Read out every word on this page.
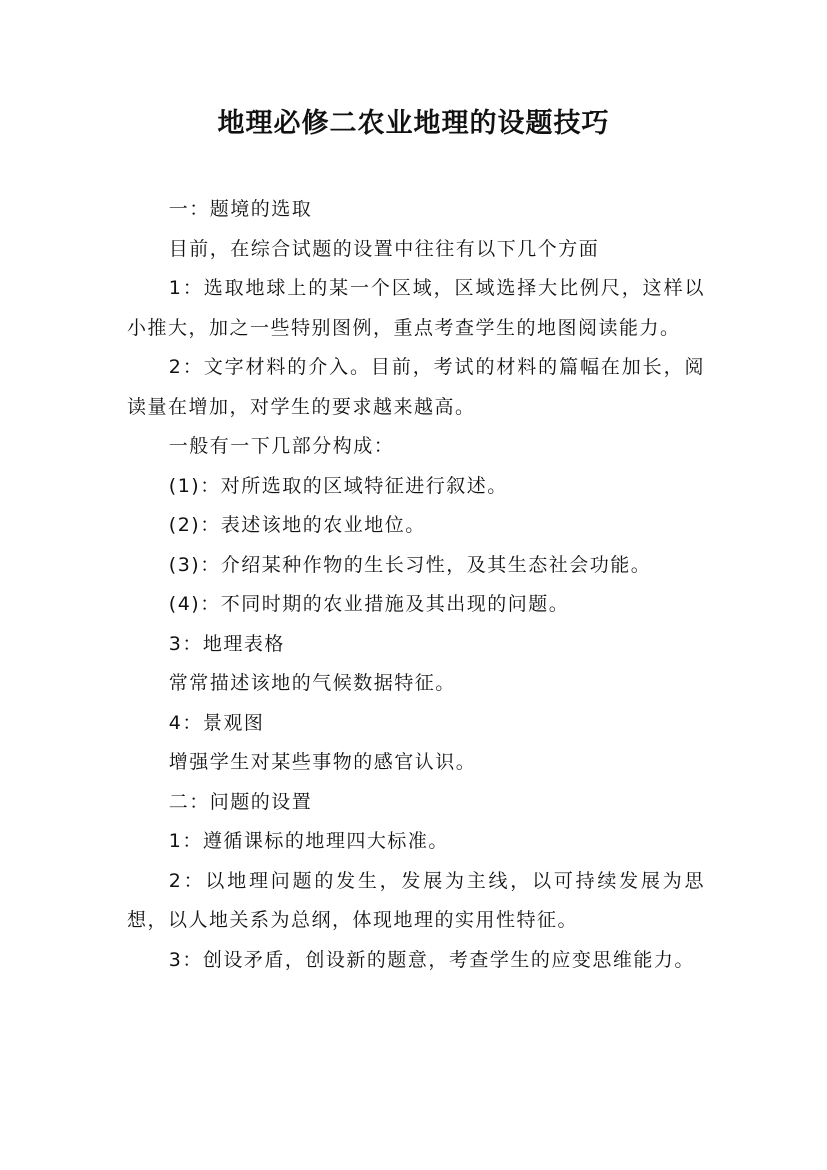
地理必修二农业地理的设题技巧

一：题境的选取

目前，在综合试题的设置中往往有以下几个方面

1：选取地球上的某一个区域，区域选择大比例尺，这样以小推大，加之一些特别图例，重点考查学生的地图阅读能力。

2：文字材料的介入。目前，考试的材料的篇幅在加长，阅读量在增加，对学生的要求越来越高。

一般有一下几部分构成：

(1)：对所选取的区域特征进行叙述。

(2)：表述该地的农业地位。

(3)：介绍某种作物的生长习性，及其生态社会功能。

(4)：不同时期的农业措施及其出现的问题。

3：地理表格

常常描述该地的气候数据特征。

4：景观图

增强学生对某些事物的感官认识。

二：问题的设置

1：遵循课标的地理四大标准。

2：以地理问题的发生，发展为主线，以可持续发展为思想，以人地关系为总纲，体现地理的实用性特征。

3：创设矛盾，创设新的题意，考查学生的应变思维能力。
